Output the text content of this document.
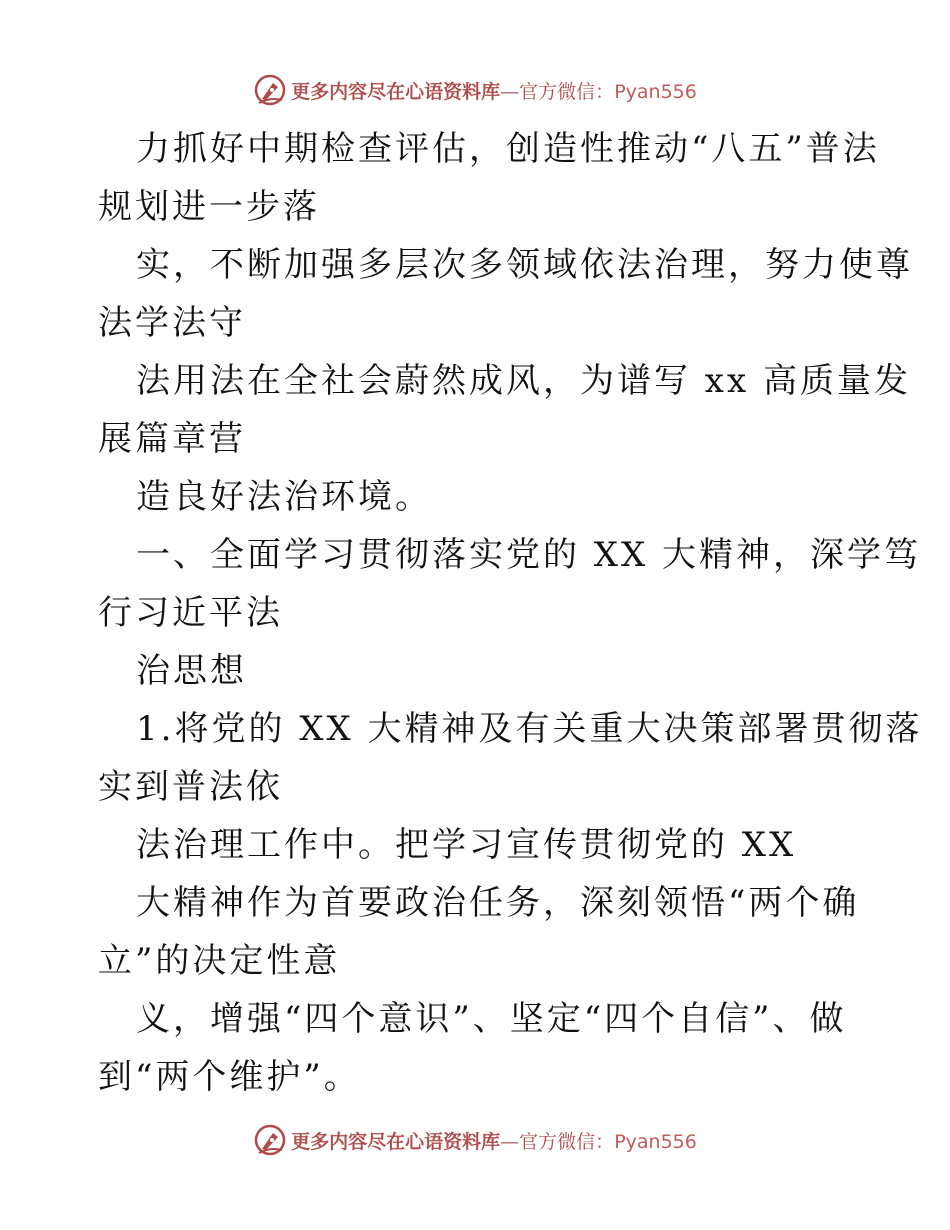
更多内容尽在心语资料库—官方微信：Pyan556
力抓好中期检查评估，创造性推动“八五”普法
规划进一步落
实，不断加强多层次多领域依法治理，努力使尊
法学法守
法用法在全社会蔚然成风，为谱写 xx 高质量发
展篇章营
造良好法治环境。
一、全面学习贯彻落实党的 XX 大精神，深学笃
行习近平法
治思想
1.将党的 XX 大精神及有关重大决策部署贯彻落
实到普法依
法治理工作中。把学习宣传贯彻党的 XX
大精神作为首要政治任务，深刻领悟“两个确
立”的决定性意
义，增强“四个意识”、坚定“四个自信”、做
到“两个维护”。
更多内容尽在心语资料库—官方微信：Pyan556
